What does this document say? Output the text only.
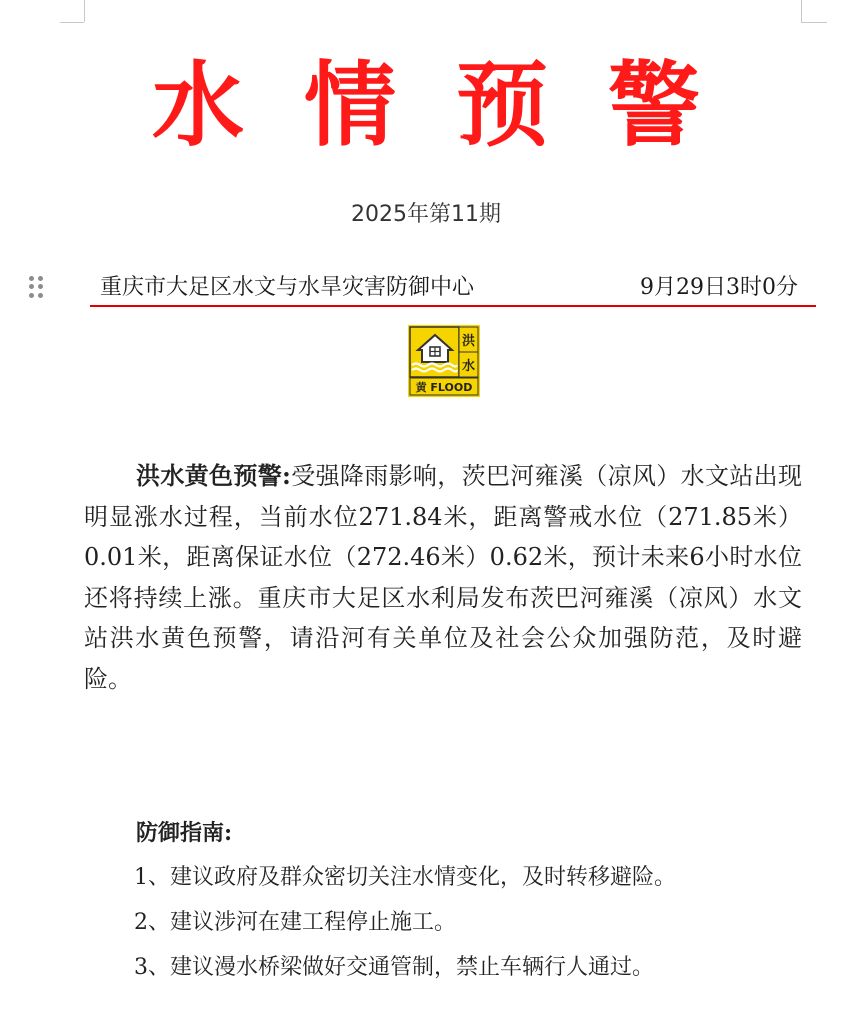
水情预警
2025年第11期
重庆市大足区水文与水旱灾害防御中心	9月29日3时0分
洪
水
黄 FLOOD
洪水黄色预警:受强降雨影响，茨巴河雍溪（凉风）水文站出现明显涨水过程，当前水位271.84米，距离警戒水位（271.85米）0.01米，距离保证水位（272.46米）0.62米，预计未来6小时水位还将持续上涨。重庆市大足区水利局发布茨巴河雍溪（凉风）水文站洪水黄色预警，请沿河有关单位及社会公众加强防范，及时避险。
防御指南:
1、建议政府及群众密切关注水情变化，及时转移避险。
2、建议涉河在建工程停止施工。
3、建议漫水桥梁做好交通管制，禁止车辆行人通过。
